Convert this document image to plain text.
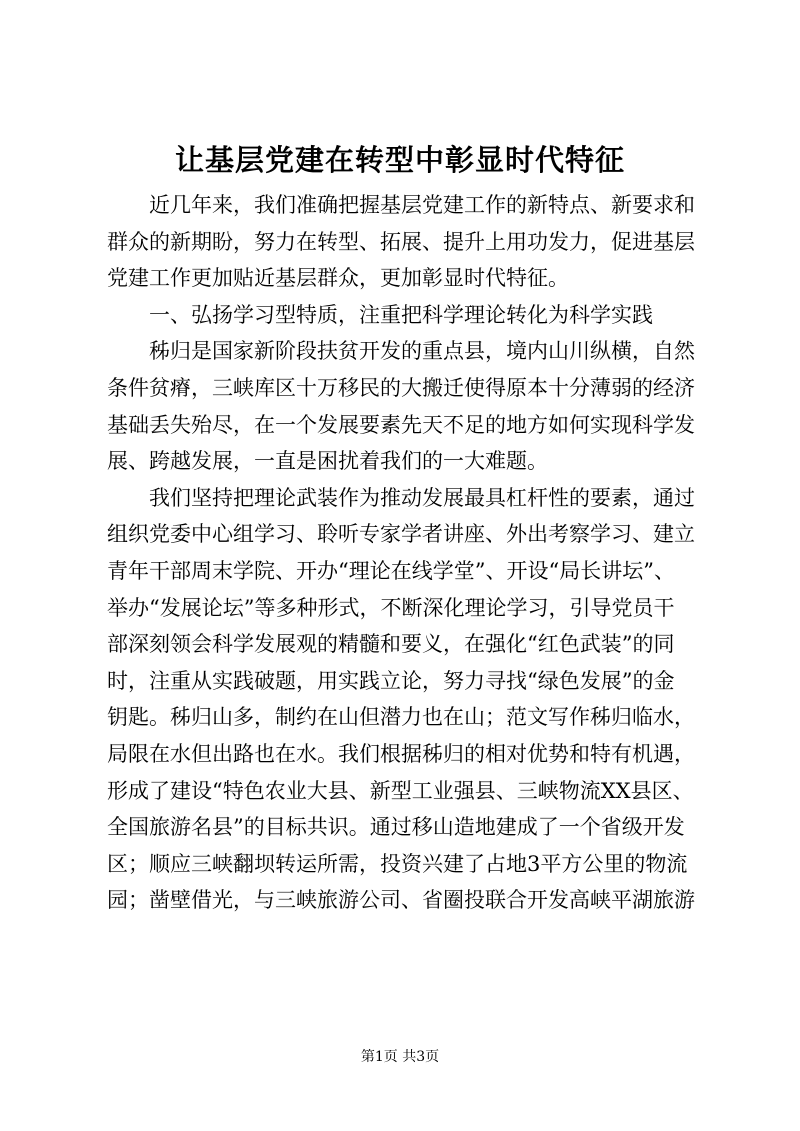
让基层党建在转型中彰显时代特征
　　近几年来，我们准确把握基层党建工作的新特点、新要求和
群众的新期盼，努力在转型、拓展、提升上用功发力，促进基层
党建工作更加贴近基层群众，更加彰显时代特征。
　　一、弘扬学习型特质，注重把科学理论转化为科学实践
　　秭归是国家新阶段扶贫开发的重点县，境内山川纵横，自然
条件贫瘠，三峡库区十万移民的大搬迁使得原本十分薄弱的经济
基础丢失殆尽，在一个发展要素先天不足的地方如何实现科学发
展、跨越发展，一直是困扰着我们的一大难题。
　　我们坚持把理论武装作为推动发展最具杠杆性的要素，通过
组织党委中心组学习、聆听专家学者讲座、外出考察学习、建立
青年干部周末学院、开办“理论在线学堂”、开设“局长讲坛”、
举办“发展论坛”等多种形式，不断深化理论学习，引导党员干
部深刻领会科学发展观的精髓和要义，在强化“红色武装”的同
时，注重从实践破题，用实践立论，努力寻找“绿色发展”的金
钥匙。秭归山多，制约在山但潜力也在山；范文写作秭归临水，
局限在水但出路也在水。我们根据秭归的相对优势和特有机遇，
形成了建设“特色农业大县、新型工业强县、三峡物流XX县区、
全国旅游名县”的目标共识。通过移山造地建成了一个省级开发
区；顺应三峡翻坝转运所需，投资兴建了占地3平方公里的物流
园；凿壁借光，与三峡旅游公司、省圈投联合开发高峡平湖旅游
第1页 共3页
